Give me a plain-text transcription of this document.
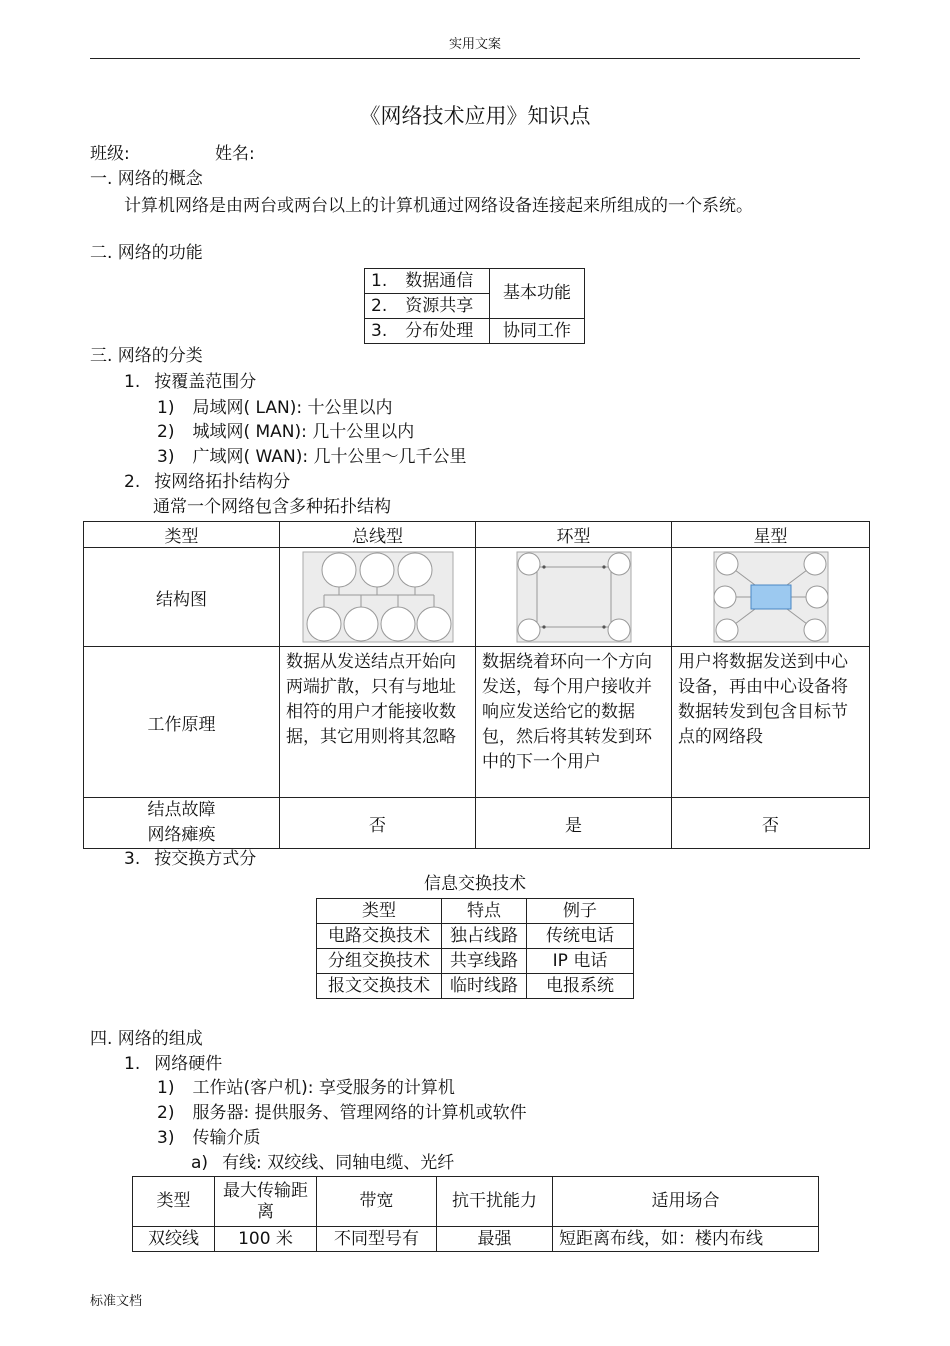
实用文案
标准文档
《网络技术应用》知识点
班级:	姓名:
一. 网络的概念
计算机网络是由两台或两台以上的计算机通过网络设备连接起来所组成的一个系统。
二. 网络的功能
1. 数据通信	基本功能
2. 资源共享	
3. 分布处理	协同工作
三. 网络的分类
1. 按覆盖范围分
1) 局域网( LAN): 十公里以内
2) 城域网( MAN): 几十公里以内
3) 广域网( WAN): 几十公里～几千公里
2. 按网络拓扑结构分
通常一个网络包含多种拓扑结构
类型	总线型	环型	星型
结构图	

工作原理	数据从发送结点开始向两端扩散，只有与地址相符的用户才能接收数据，其它用则将其忽略	数据绕着环向一个方向发送，每个用户接收并响应发送给它的数据包，然后将其转发到环中的下一个用户	用户将数据发送到中心设备，再由中心设备将数据转发到包含目标节点的网络段
结点故障
网络瘫痪	否	是	否
3. 按交换方式分
信息交换技术
类型	特点	例子
电路交换技术	独占线路	传统电话
分组交换技术	共享线路	IP 电话
报文交换技术	临时线路	电报系统
四. 网络的组成
1. 网络硬件
1) 工作站(客户机): 享受服务的计算机
2) 服务器: 提供服务、管理网络的计算机或软件
3) 传输介质
a) 有线: 双绞线、同轴电缆、光纤
类型	最大传输距离	带宽	抗干扰能力	适用场合
双绞线	100 米	不同型号有	最强	短距离布线，如：楼内布线
